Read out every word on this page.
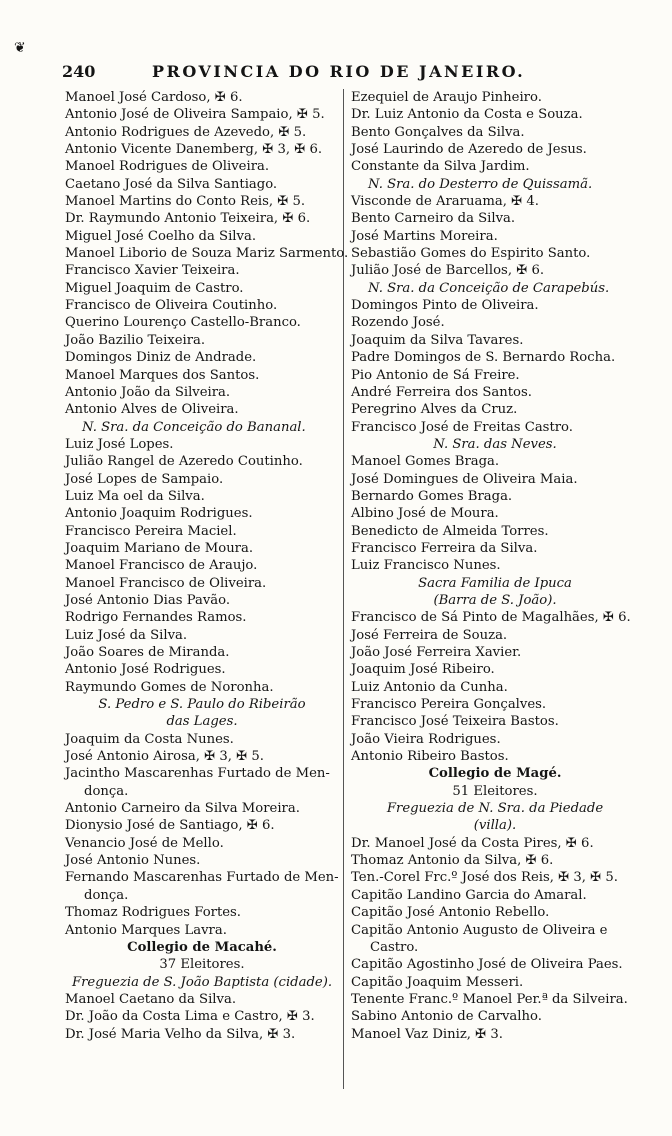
❦
240	PROVINCIA DO RIO DE JANEIRO.
Manoel José Cardoso, ✠ 6.
Antonio José de Oliveira Sampaio, ✠ 5.
Antonio Rodrigues de Azevedo, ✠ 5.
Antonio Vicente Danemberg, ✠ 3, ✠ 6.
Manoel Rodrigues de Oliveira.
Caetano José da Silva Santiago.
Manoel Martins do Conto Reis, ✠ 5.
Dr. Raymundo Antonio Teixeira, ✠ 6.
Miguel José Coelho da Silva.
Manoel Liborio de Souza Mariz Sarmento.
Francisco Xavier Teixeira.
Miguel Joaquim de Castro.
Francisco de Oliveira Coutinho.
Querino Lourenço Castello-Branco.
João Bazilio Teixeira.
Domingos Diniz de Andrade.
Manoel Marques dos Santos.
Antonio João da Silveira.
Antonio Alves de Oliveira.
N. Sra. da Conceição do Bananal.
Luiz José Lopes.
Julião Rangel de Azeredo Coutinho.
José Lopes de Sampaio.
Luiz Ma oel da Silva.
Antonio Joaquim Rodrigues.
Francisco Pereira Maciel.
Joaquim Mariano de Moura.
Manoel Francisco de Araujo.
Manoel Francisco de Oliveira.
José Antonio Dias Pavão.
Rodrigo Fernandes Ramos.
Luiz José da Silva.
João Soares de Miranda.
Antonio José Rodrigues.
Raymundo Gomes de Noronha.
S. Pedro e S. Paulo do Ribeirão
das Lages.
Joaquim da Costa Nunes.
José Antonio Airosa, ✠ 3, ✠ 5.
Jacintho Mascarenhas Furtado de Men-
donça.
Antonio Carneiro da Silva Moreira.
Dionysio José de Santiago, ✠ 6.
Venancio José de Mello.
José Antonio Nunes.
Fernando Mascarenhas Furtado de Men-
donça.
Thomaz Rodrigues Fortes.
Antonio Marques Lavra.
Collegio de Macahé.
37 Eleitores.
Freguezia de S. João Baptista (cidade).
Manoel Caetano da Silva.
Dr. João da Costa Lima e Castro, ✠ 3.
Dr. José Maria Velho da Silva, ✠ 3.
Ezequiel de Araujo Pinheiro.
Dr. Luiz Antonio da Costa e Souza.
Bento Gonçalves da Silva.
José Laurindo de Azeredo de Jesus.
Constante da Silva Jardim.
N. Sra. do Desterro de Quissamã.
Visconde de Araruama, ✠ 4.
Bento Carneiro da Silva.
José Martins Moreira.
Sebastião Gomes do Espirito Santo.
Julião José de Barcellos, ✠ 6.
N. Sra. da Conceição de Carapebús.
Domingos Pinto de Oliveira.
Rozendo José.
Joaquim da Silva Tavares.
Padre Domingos de S. Bernardo Rocha.
Pio Antonio de Sá Freire.
André Ferreira dos Santos.
Peregrino Alves da Cruz.
Francisco José de Freitas Castro.
N. Sra. das Neves.
Manoel Gomes Braga.
José Domingues de Oliveira Maia.
Bernardo Gomes Braga.
Albino José de Moura.
Benedicto de Almeida Torres.
Francisco Ferreira da Silva.
Luiz Francisco Nunes.
Sacra Familia de Ipuca
(Barra de S. João).
Francisco de Sá Pinto de Magalhães, ✠ 6.
José Ferreira de Souza.
João José Ferreira Xavier.
Joaquim José Ribeiro.
Luiz Antonio da Cunha.
Francisco Pereira Gonçalves.
Francisco José Teixeira Bastos.
João Vieira Rodrigues.
Antonio Ribeiro Bastos.
Collegio de Magé.
51 Eleitores.
Freguezia de N. Sra. da Piedade
(villa).
Dr. Manoel José da Costa Pires, ✠ 6.
Thomaz Antonio da Silva, ✠ 6.
Ten.-Corel Frc.º José dos Reis, ✠ 3, ✠ 5.
Capitão Landino Garcia do Amaral.
Capitão José Antonio Rebello.
Capitão Antonio Augusto de Oliveira e
Castro.
Capitão Agostinho José de Oliveira Paes.
Capitão Joaquim Messeri.
Tenente Franc.º Manoel Per.ª da Silveira.
Sabino Antonio de Carvalho.
Manoel Vaz Diniz, ✠ 3.
